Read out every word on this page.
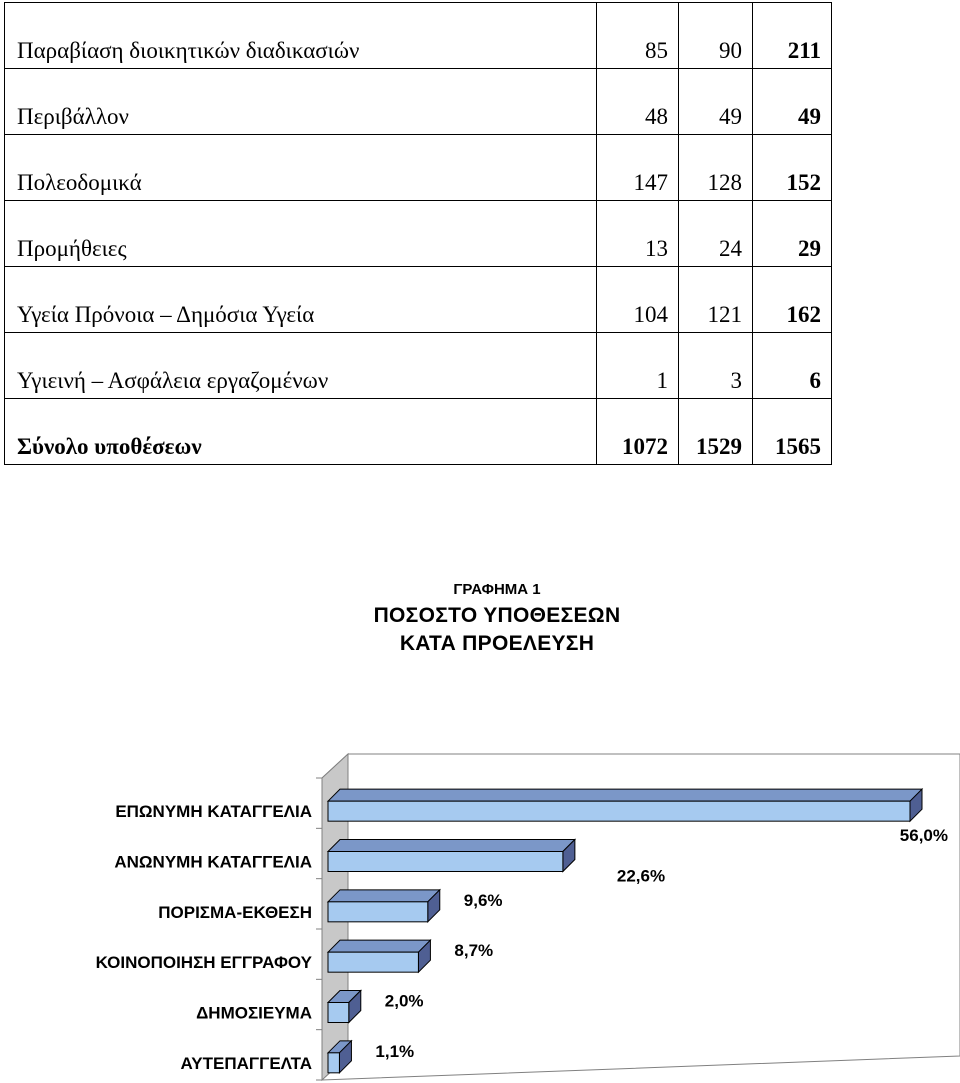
Παραβίαση διοικητικών διαδικασιών	85	90	211
Περιβάλλον	48	49	49
Πολεοδομικά	147	128	152
Προμήθειες	13	24	29
Υγεία Πρόνοια – Δημόσια Υγεία	104	121	162
Υγιεινή – Ασφάλεια εργαζομένων	1	3	6
Σύνολο υποθέσεων	1072	1529	1565
ΓΡΑΦΗΜΑ 1
ΠΟΣΟΣΤΟ ΥΠΟΘΕΣΕΩΝ
ΚΑΤΑ ΠΡΟΕΛΕΥΣΗ
ΕΠΩΝΥΜΗ ΚΑΤΑΓΓΕΛΙΑ
56,0%
ΑΝΩΝΥΜΗ ΚΑΤΑΓΓΕΛΙΑ
22,6%
ΠΟΡΙΣΜΑ-ΕΚΘΕΣΗ
9,6%
ΚΟΙΝΟΠΟΙΗΣΗ ΕΓΓΡΑΦΟΥ
8,7%
ΔΗΜΟΣΙΕΥΜΑ
2,0%
ΑΥΤΕΠΑΓΓΕΛΤΑ
1,1%
